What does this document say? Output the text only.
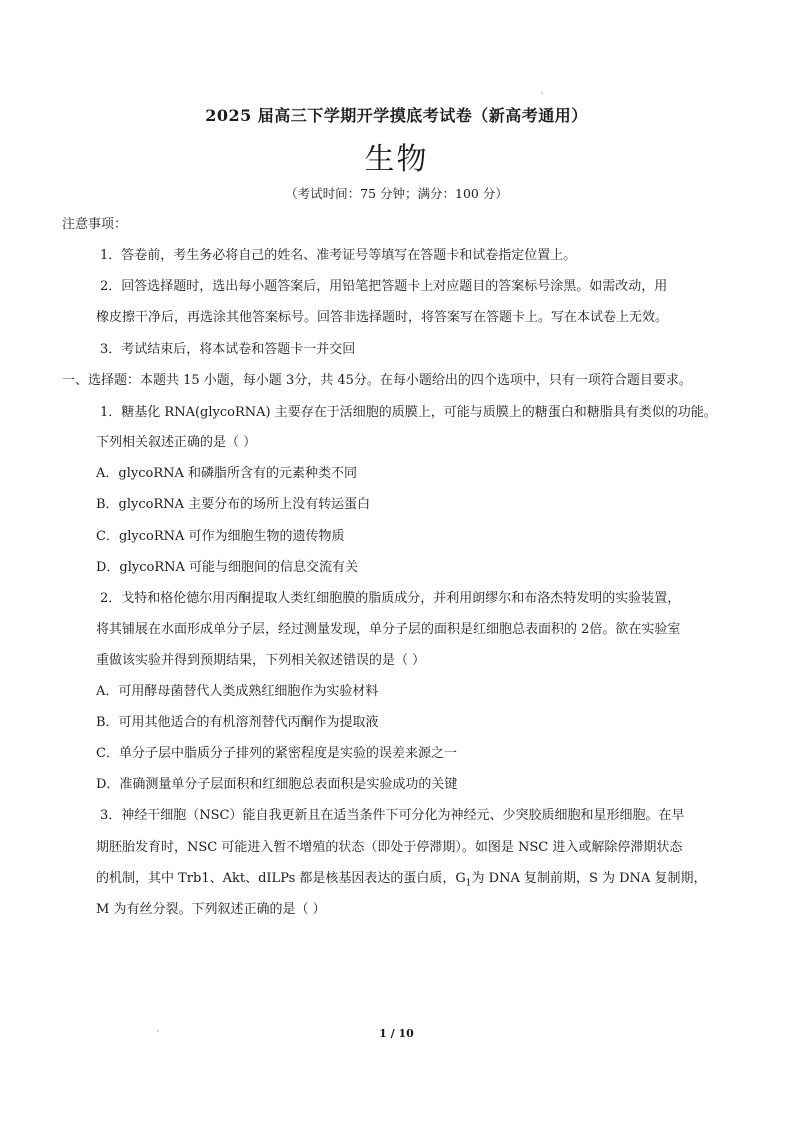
2025 届高三下学期开学摸底考试卷（新高考通用）
生物
（考试时间：75 分钟；满分：100 分）
注意事项：
1．答卷前，考生务必将自己的姓名、准考证号等填写在答题卡和试卷指定位置上。
2．回答选择题时，选出每小题答案后，用铅笔把答题卡上对应题目的答案标号涂黑。如需改动，用
橡皮擦干净后，再选涂其他答案标号。回答非选择题时，将答案写在答题卡上。写在本试卷上无效。
3．考试结束后，将本试卷和答题卡一并交回
一、选择题：本题共 15 小题，每小题 3分，共 45分。在每小题给出的四个选项中，只有一项符合题目要求。
1．糖基化 RNA(glycoRNA) 主要存在于活细胞的质膜上，可能与质膜上的糖蛋白和糖脂具有类似的功能。
下列相关叙述正确的是（ ）
A．glycoRNA 和磷脂所含有的元素种类不同
B．glycoRNA 主要分布的场所上没有转运蛋白
C．glycoRNA 可作为细胞生物的遗传物质
D．glycoRNA 可能与细胞间的信息交流有关
2．戈特和格伦德尔用丙酮提取人类红细胞膜的脂质成分，并利用朗缪尔和布洛杰特发明的实验装置，
将其铺展在水面形成单分子层，经过测量发现，单分子层的面积是红细胞总表面积的 2倍。欲在实验室
重做该实验并得到预期结果，下列相关叙述错误的是（ ）
A．可用酵母菌替代人类成熟红细胞作为实验材料
B．可用其他适合的有机溶剂替代丙酮作为提取液
C．单分子层中脂质分子排列的紧密程度是实验的误差来源之一
D．准确测量单分子层面积和红细胞总表面积是实验成功的关键
3．神经干细胞（NSC）能自我更新且在适当条件下可分化为神经元、少突胶质细胞和星形细胞。在早
期胚胎发育时，NSC 可能进入暂不增殖的状态（即处于停滞期）。如图是 NSC 进入或解除停滞期状态
的机制，其中 Trb1、Akt、dILPs 都是核基因表达的蛋白质，$G_1$为 DNA 复制前期，S 为 DNA 复制期，
M 为有丝分裂。下列叙述正确的是（ ）
1 / 10
